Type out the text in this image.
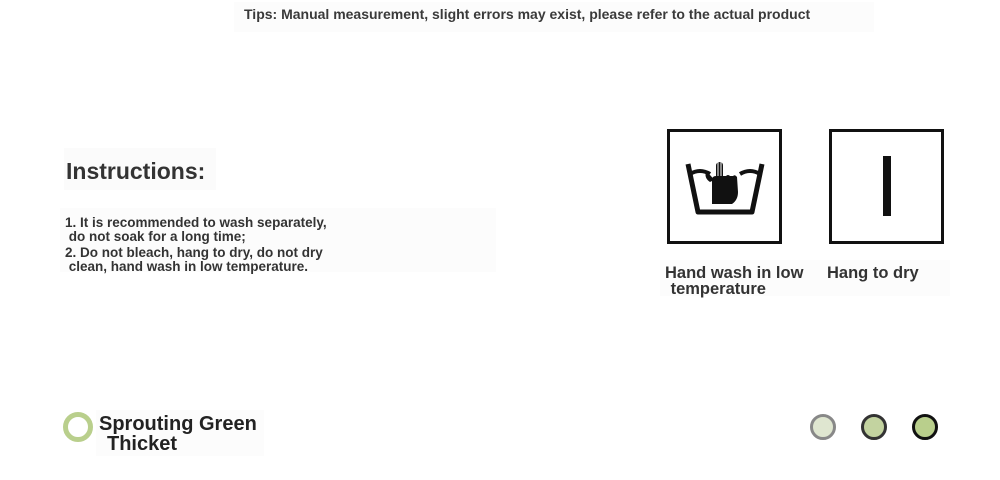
Tips: Manual measurement, slight errors may exist, please refer to the actual product
Instructions:
1. It is recommended to wash separately,
do not soak for a long time;
2. Do not bleach, hang to dry, do not dry
clean, hand wash in low temperature.	Hand wash in low
temperature
Hang to dry
Sprouting Green
Thicket
